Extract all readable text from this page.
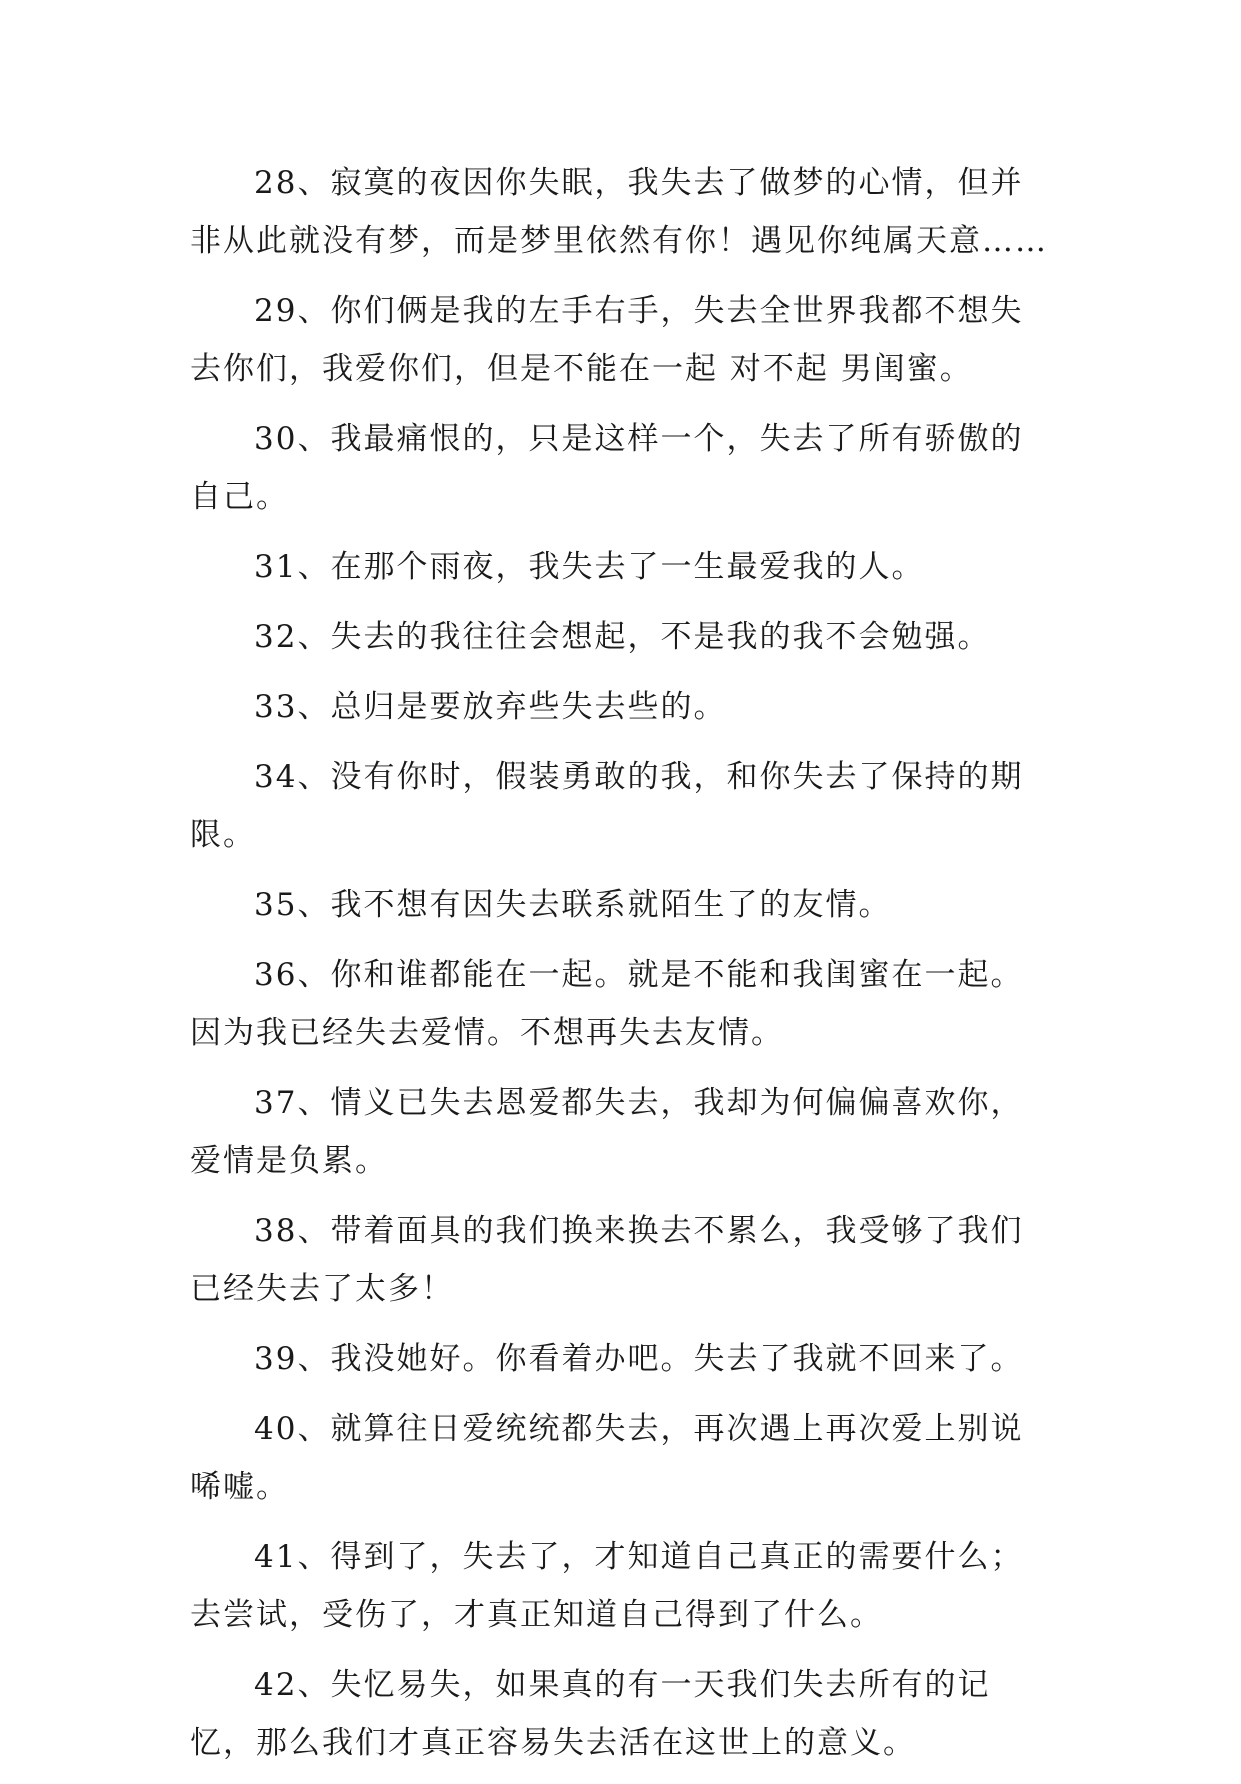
28、寂寞的夜因你失眠，我失去了做梦的心情，但并非从此就没有梦，而是梦里依然有你！遇见你纯属天意……

29、你们俩是我的左手右手，失去全世界我都不想失去你们，我爱你们，但是不能在一起 对不起 男闺蜜。

30、我最痛恨的，只是这样一个，失去了所有骄傲的自己。

31、在那个雨夜，我失去了一生最爱我的人。

32、失去的我往往会想起，不是我的我不会勉强。

33、总归是要放弃些失去些的。

34、没有你时，假装勇敢的我，和你失去了保持的期限。

35、我不想有因失去联系就陌生了的友情。

36、你和谁都能在一起。就是不能和我闺蜜在一起。因为我已经失去爱情。不想再失去友情。

37、情义已失去恩爱都失去，我却为何偏偏喜欢你，爱情是负累。

38、带着面具的我们换来换去不累么，我受够了我们已经失去了太多！

39、我没她好。你看着办吧。失去了我就不回来了。

40、就算往日爱统统都失去，再次遇上再次爱上别说唏嘘。

41、得到了，失去了，才知道自己真正的需要什么；去尝试，受伤了，才真正知道自己得到了什么。

42、失忆易失，如果真的有一天我们失去所有的记忆，那么我们才真正容易失去活在这世上的意义。
